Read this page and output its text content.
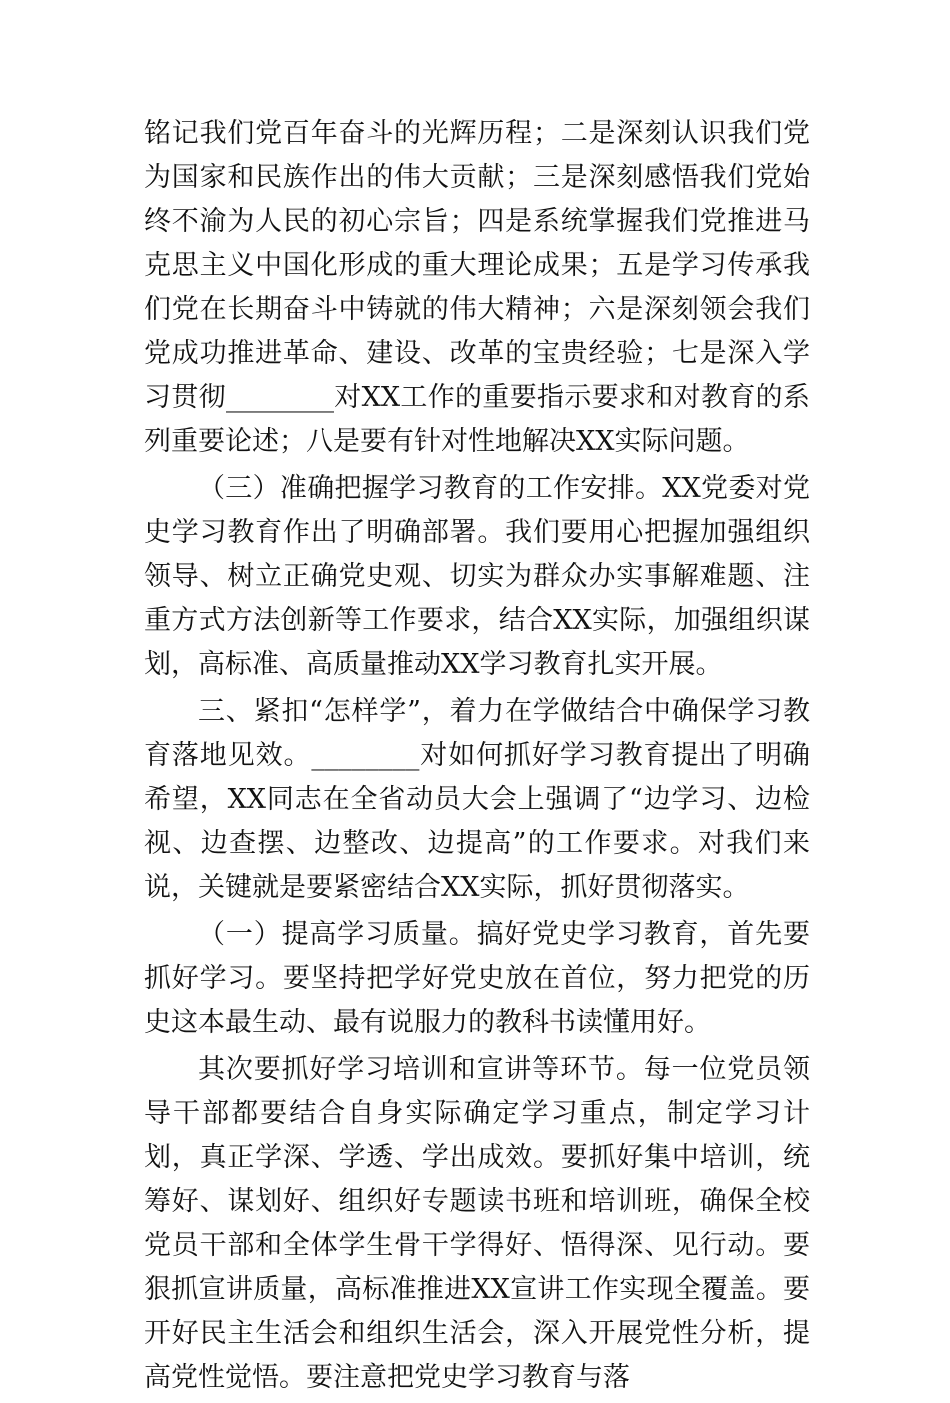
铭记我们党百年奋斗的光辉历程；二是深刻认识我们党为国家和民族作出的伟大贡献；三是深刻感悟我们党始终不渝为人民的初心宗旨；四是系统掌握我们党推进马克思主义中国化形成的重大理论成果；五是学习传承我们党在长期奋斗中铸就的伟大精神；六是深刻领会我们党成功推进革命、建设、改革的宝贵经验；七是深入学习贯彻________对XX工作的重要指示要求和对教育的系列重要论述；八是要有针对性地解决XX实际问题。

（三）准确把握学习教育的工作安排。XX党委对党史学习教育作出了明确部署。我们要用心把握加强组织领导、树立正确党史观、切实为群众办实事解难题、注重方式方法创新等工作要求，结合XX实际，加强组织谋划，高标准、高质量推动XX学习教育扎实开展。

三、紧扣“怎样学”，着力在学做结合中确保学习教育落地见效。________对如何抓好学习教育提出了明确希望，XX同志在全省动员大会上强调了“边学习、边检视、边查摆、边整改、边提高”的工作要求。对我们来说，关键就是要紧密结合XX实际，抓好贯彻落实。

（一）提高学习质量。搞好党史学习教育，首先要抓好学习。要坚持把学好党史放在首位，努力把党的历史这本最生动、最有说服力的教科书读懂用好。

其次要抓好学习培训和宣讲等环节。每一位党员领导干部都要结合自身实际确定学习重点，制定学习计划，真正学深、学透、学出成效。要抓好集中培训，统筹好、谋划好、组织好专题读书班和培训班，确保全校党员干部和全体学生骨干学得好、悟得深、见行动。要狠抓宣讲质量，高标准推进XX宣讲工作实现全覆盖。要开好民主生活会和组织生活会，深入开展党性分析，提高党性觉悟。要注意把党史学习教育与落
